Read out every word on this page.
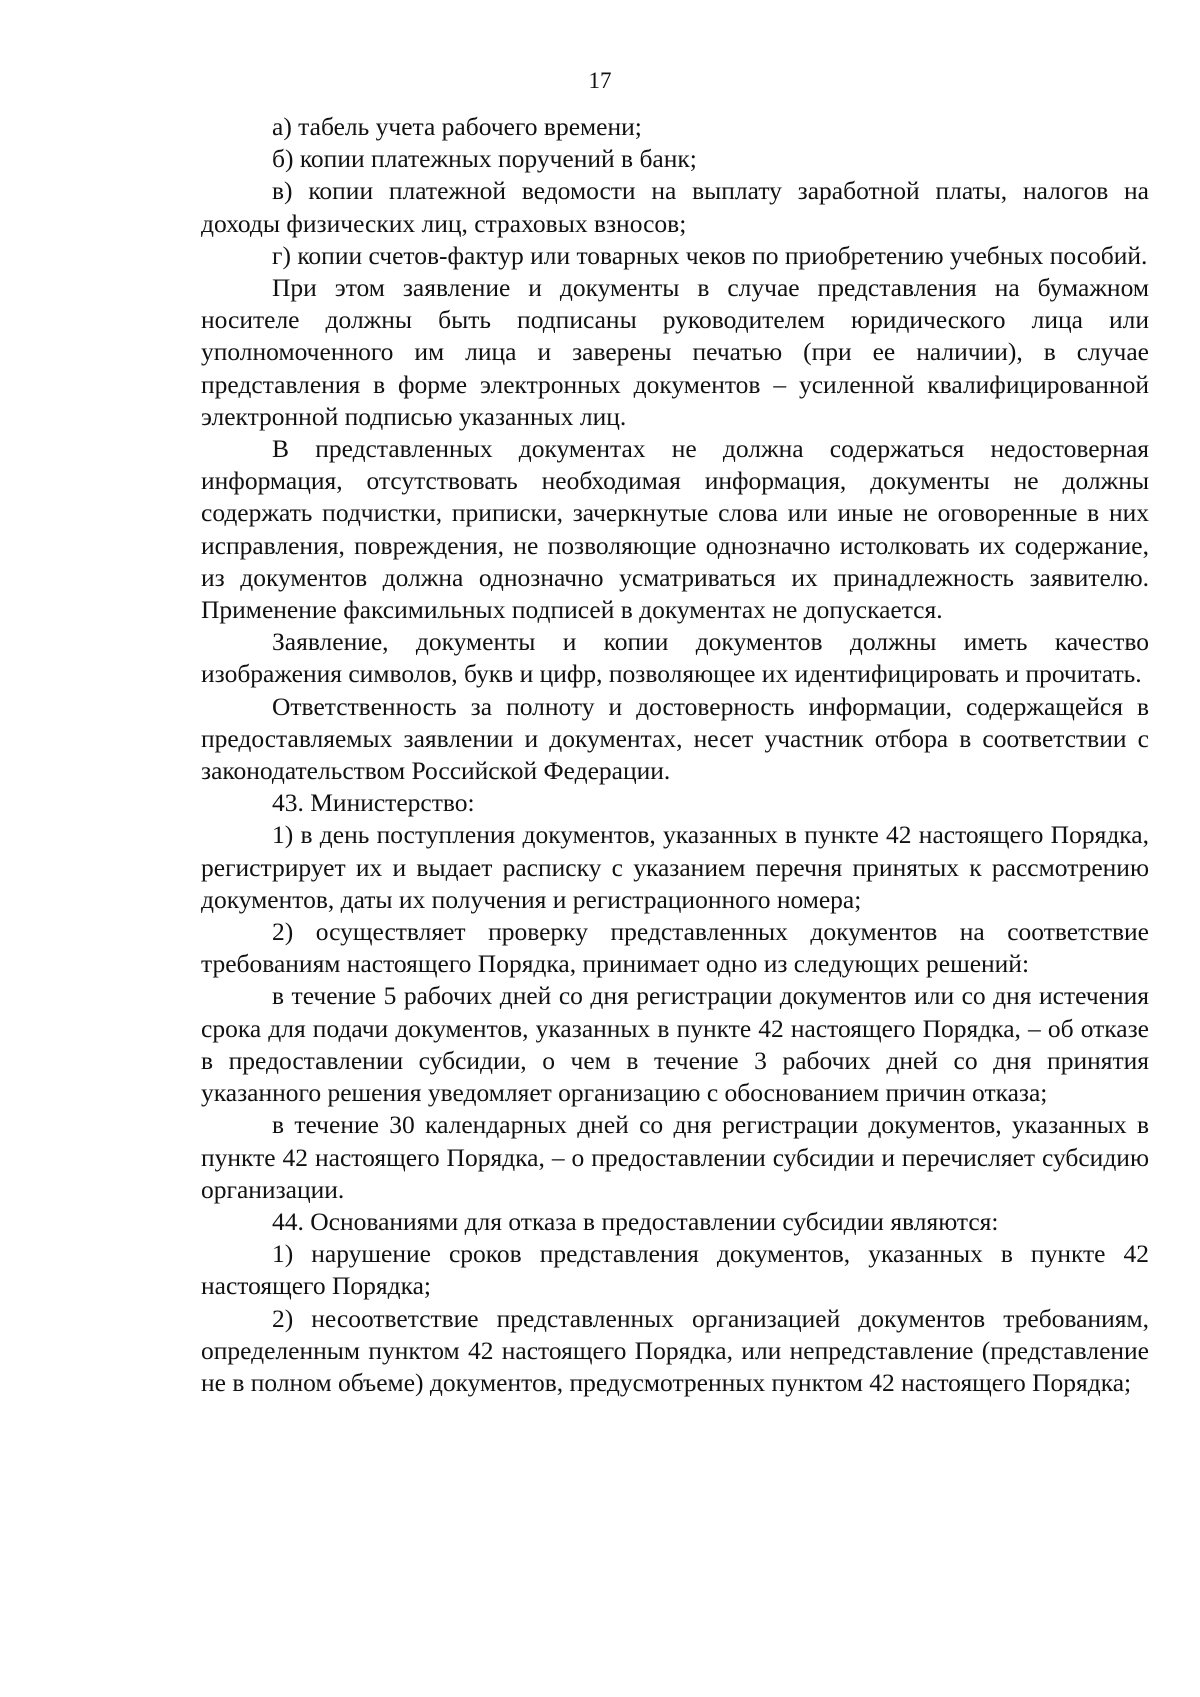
17

а) табель учета рабочего времени;

б) копии платежных поручений в банк;

в) копии платежной ведомости на выплату заработной платы, налогов на доходы физических лиц, страховых взносов;

г) копии счетов-фактур или товарных чеков по приобретению учебных пособий.

При этом заявление и документы в случае представления на бумажном носителе должны быть подписаны руководителем юридического лица или уполномоченного им лица и заверены печатью (при ее наличии), в случае представления в форме электронных документов – усиленной квалифицированной электронной подписью указанных лиц.

В представленных документах не должна содержаться недостоверная информация, отсутствовать необходимая информация, документы не должны содержать подчистки, приписки, зачеркнутые слова или иные не оговоренные в них исправления, повреждения, не позволяющие однозначно истолковать их содержание, из документов должна однозначно усматриваться их принадлежность заявителю. Применение факсимильных подписей в документах не допускается.

Заявление, документы и копии документов должны иметь качество изображения символов, букв и цифр, позволяющее их идентифицировать и прочитать.

Ответственность за полноту и достоверность информации, содержащейся в предоставляемых заявлении и документах, несет участник отбора в соответствии с законодательством Российской Федерации.

43. Министерство:

1) в день поступления документов, указанных в пункте 42 настоящего Порядка, регистрирует их и выдает расписку с указанием перечня принятых к рассмотрению документов, даты их получения и регистрационного номера;

2) осуществляет проверку представленных документов на соответствие требованиям настоящего Порядка, принимает одно из следующих решений:

в течение 5 рабочих дней со дня регистрации документов или со дня истечения срока для подачи документов, указанных в пункте 42 настоящего Порядка, – об отказе в предоставлении субсидии, о чем в течение 3 рабочих дней со дня принятия указанного решения уведомляет организацию с обоснованием причин отказа;

в течение 30 календарных дней со дня регистрации документов, указанных в пункте 42 настоящего Порядка, – о предоставлении субсидии и перечисляет субсидию организации.

44. Основаниями для отказа в предоставлении субсидии являются:

1) нарушение сроков представления документов, указанных в пункте 42 настоящего Порядка;

2) несоответствие представленных организацией документов требованиям, определенным пунктом 42 настоящего Порядка, или непредставление (представление не в полном объеме) документов, предусмотренных пунктом 42 настоящего Порядка;
